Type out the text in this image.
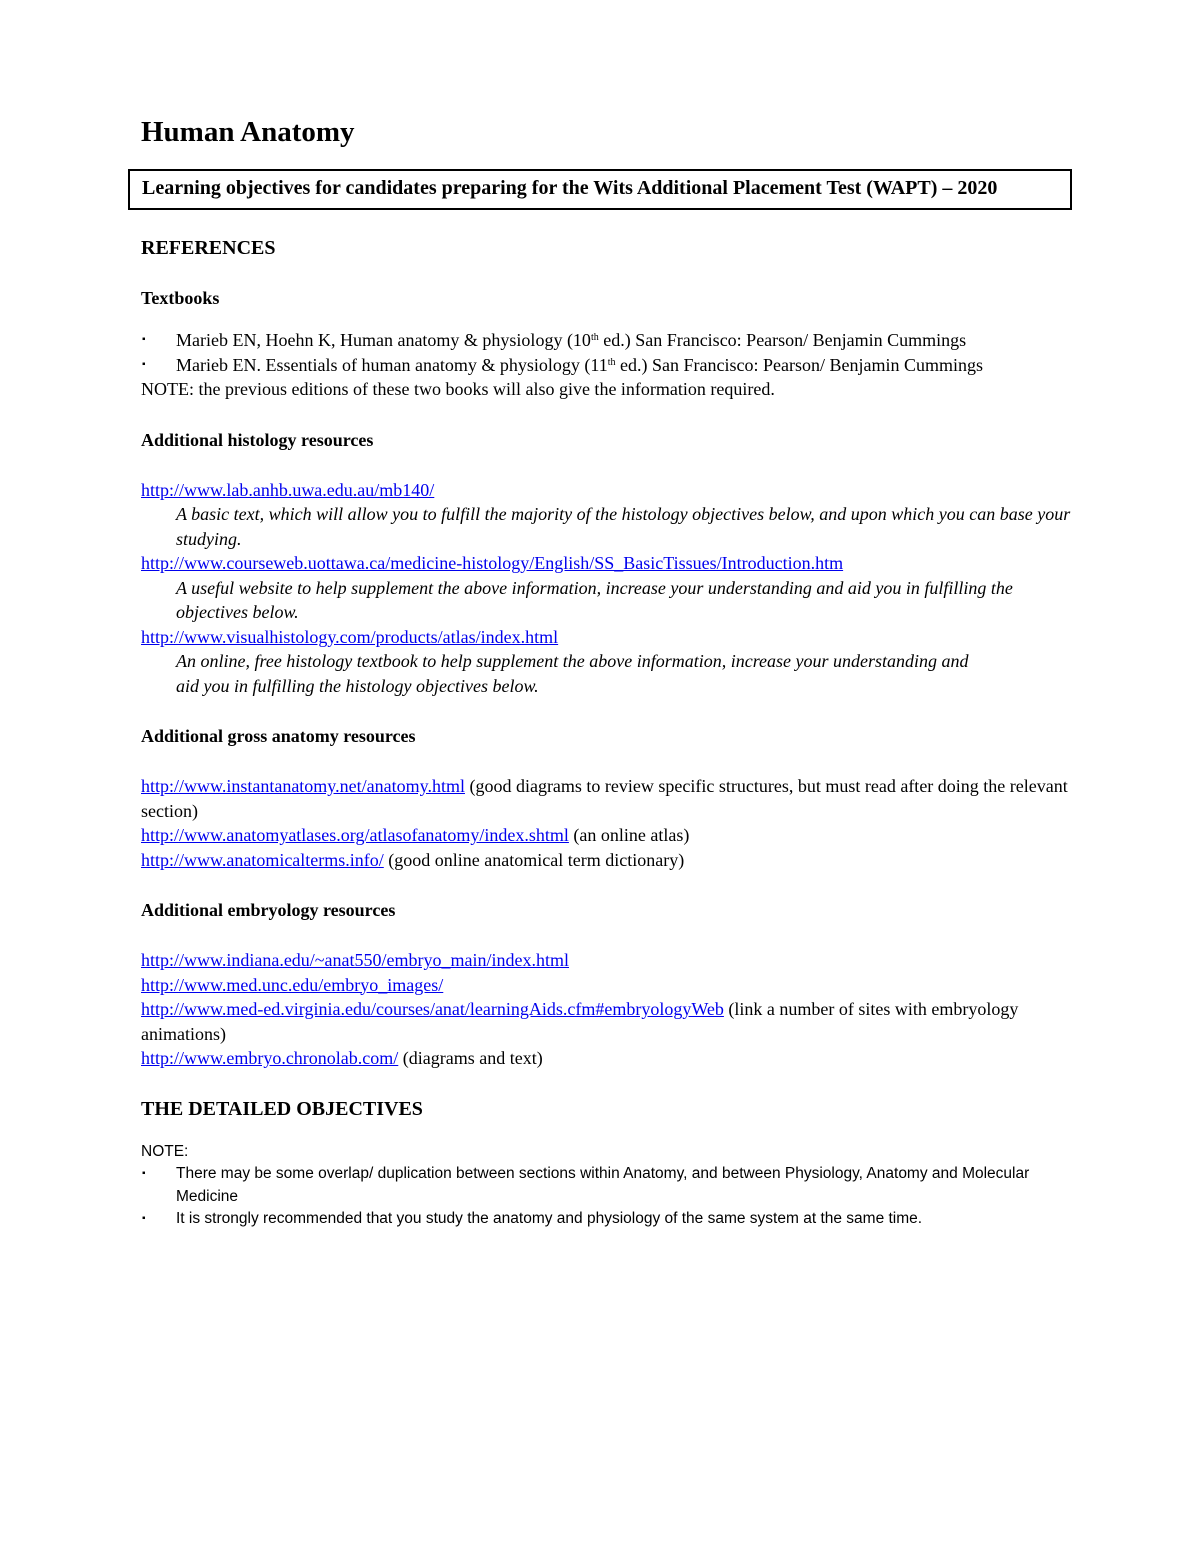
Human Anatomy
Learning objectives for candidates preparing for the Wits Additional Placement Test (WAPT) – 2020
REFERENCES
Textbooks
▪ Marieb EN, Hoehn K, Human anatomy & physiology (10th ed.) San Francisco: Pearson/ Benjamin Cummings
▪ Marieb EN. Essentials of human anatomy & physiology (11th ed.) San Francisco: Pearson/ Benjamin Cummings
NOTE: the previous editions of these two books will also give the information required.
Additional histology resources
http://www.lab.anhb.uwa.edu.au/mb140/
A basic text, which will allow you to fulfill the majority of the histology objectives below, and upon which you can base your studying.
http://www.courseweb.uottawa.ca/medicine-histology/English/SS_BasicTissues/Introduction.htm
A useful website to help supplement the above information, increase your understanding and aid you in fulfilling the objectives below.
http://www.visualhistology.com/products/atlas/index.html
An online, free histology textbook to help supplement the above information, increase your understanding and aid you in fulfilling the histology objectives below.
Additional gross anatomy resources
http://www.instantanatomy.net/anatomy.html (good diagrams to review specific structures, but must read after doing the relevant section)
http://www.anatomyatlases.org/atlasofanatomy/index.shtml (an online atlas)
http://www.anatomicalterms.info/ (good online anatomical term dictionary)
Additional embryology resources
http://www.indiana.edu/~anat550/embryo_main/index.html
http://www.med.unc.edu/embryo_images/
http://www.med-ed.virginia.edu/courses/anat/learningAids.cfm#embryologyWeb (link a number of sites with embryology animations)
http://www.embryo.chronolab.com/ (diagrams and text)
THE DETAILED OBJECTIVES
NOTE:
▪ There may be some overlap/ duplication between sections within Anatomy, and between Physiology, Anatomy and Molecular Medicine
▪ It is strongly recommended that you study the anatomy and physiology of the same system at the same time.
